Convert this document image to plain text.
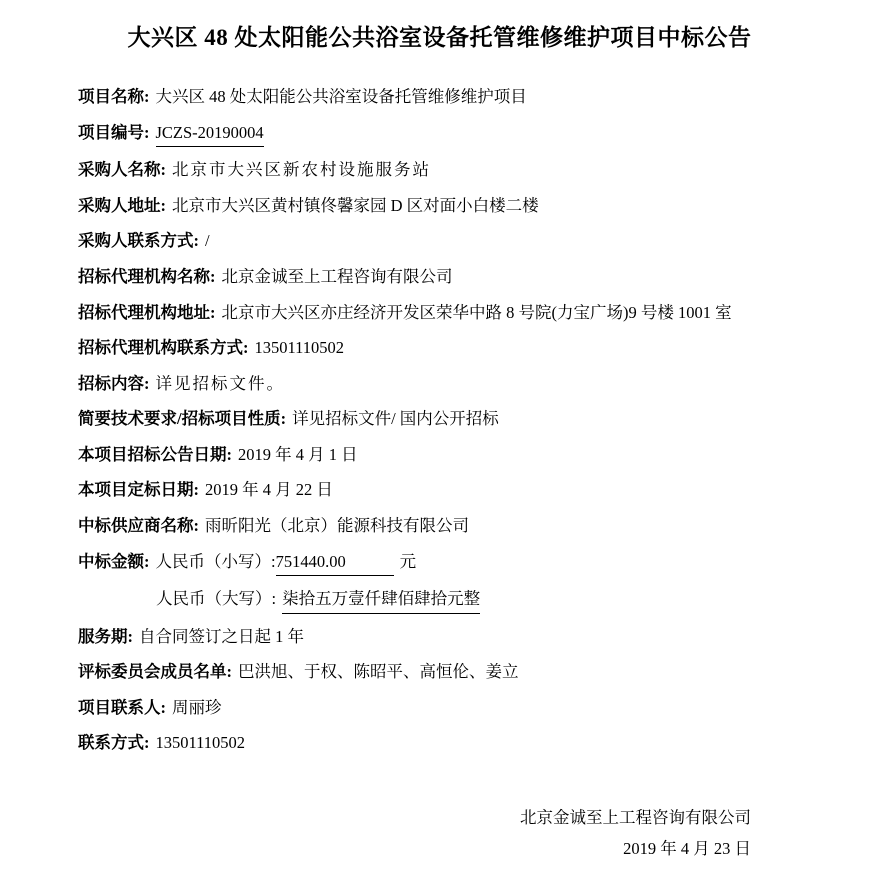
大兴区 48 处太阳能公共浴室设备托管维修维护项目中标公告
项目名称: 大兴区 48 处太阳能公共浴室设备托管维修维护项目
项目编号: JCZS-20190004
采购人名称: 北京市大兴区新农村设施服务站
采购人地址: 北京市大兴区黄村镇佟馨家园 D 区对面小白楼二楼
采购人联系方式: /
招标代理机构名称: 北京金诚至上工程咨询有限公司
招标代理机构地址: 北京市大兴区亦庄经济开发区荣华中路 8 号院(力宝广场)9 号楼 1001 室
招标代理机构联系方式: 13501110502
招标内容: 详见招标文件。
简要技术要求/招标项目性质: 详见招标文件/ 国内公开招标
本项目招标公告日期: 2019 年 4 月 1 日
本项目定标日期: 2019 年 4 月 22 日
中标供应商名称: 雨昕阳光（北京）能源科技有限公司
中标金额: 人民币（小写）: 751440.00	元
人民币（大写）: 柒拾五万壹仟肆佰肆拾元整
服务期: 自合同签订之日起 1 年
评标委员会成员名单: 巴洪旭、于权、陈昭平、高恒伦、姜立
项目联系人: 周丽珍
联系方式: 13501110502
北京金诚至上工程咨询有限公司
2019 年 4 月 23 日
